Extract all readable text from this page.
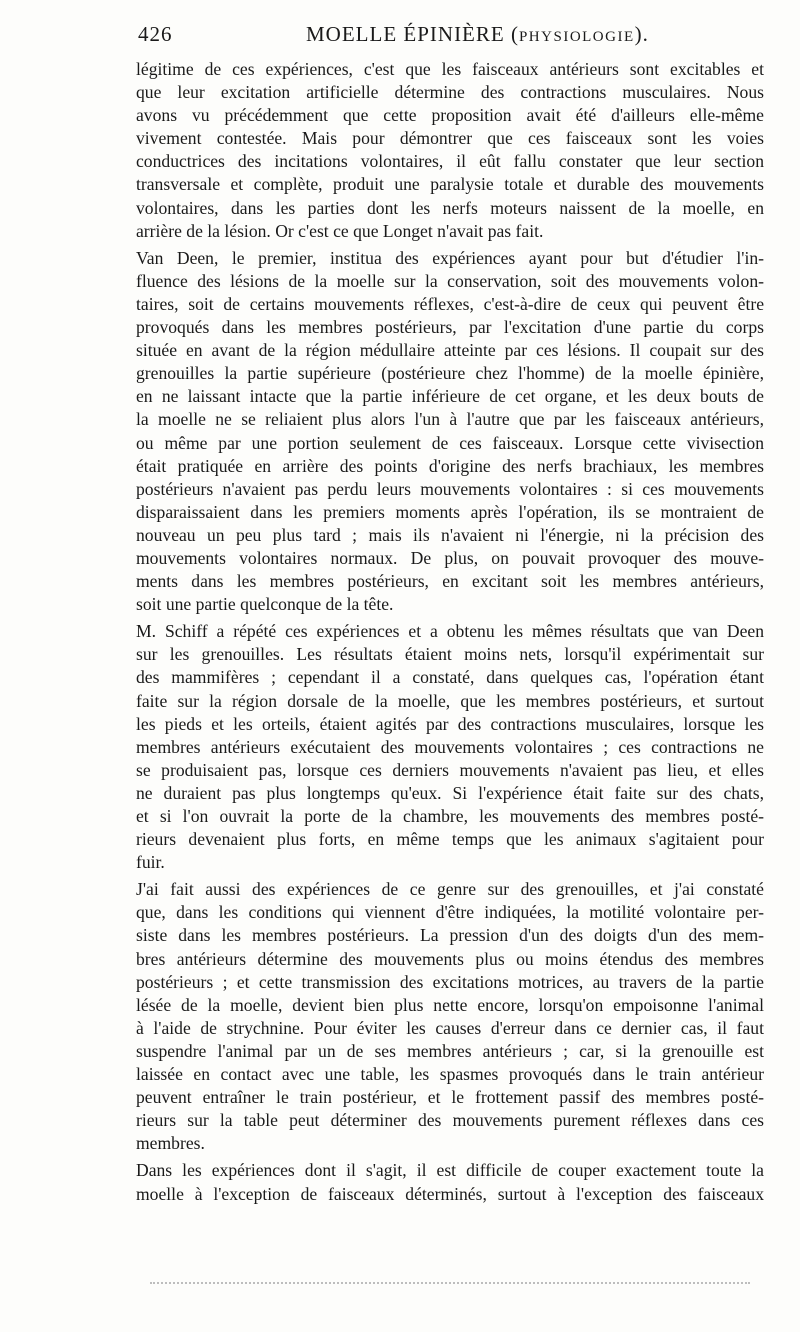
426	MOELLE ÉPINIÈRE (PHYSIOLOGIE).

légitime de ces expériences, c'est que les faisceaux antérieurs sont excitables et
que leur excitation artificielle détermine des contractions musculaires. Nous
avons vu précédemment que cette proposition avait été d'ailleurs elle-même
vivement contestée. Mais pour démontrer que ces faisceaux sont les voies
conductrices des incitations volontaires, il eût fallu constater que leur section
transversale et complète, produit une paralysie totale et durable des mouvements
volontaires, dans les parties dont les nerfs moteurs naissent de la moelle, en
arrière de la lésion. Or c'est ce que Longet n'avait pas fait.

Van Deen, le premier, institua des expériences ayant pour but d'étudier l'in-
fluence des lésions de la moelle sur la conservation, soit des mouvements volon-
taires, soit de certains mouvements réflexes, c'est-à-dire de ceux qui peuvent être
provoqués dans les membres postérieurs, par l'excitation d'une partie du corps
située en avant de la région médullaire atteinte par ces lésions. Il coupait sur des
grenouilles la partie supérieure (postérieure chez l'homme) de la moelle épinière,
en ne laissant intacte que la partie inférieure de cet organe, et les deux bouts de
la moelle ne se reliaient plus alors l'un à l'autre que par les faisceaux antérieurs,
ou même par une portion seulement de ces faisceaux. Lorsque cette vivisection
était pratiquée en arrière des points d'origine des nerfs brachiaux, les membres
postérieurs n'avaient pas perdu leurs mouvements volontaires : si ces mouvements
disparaissaient dans les premiers moments après l'opération, ils se montraient de
nouveau un peu plus tard ; mais ils n'avaient ni l'énergie, ni la précision des
mouvements volontaires normaux. De plus, on pouvait provoquer des mouve-
ments dans les membres postérieurs, en excitant soit les membres antérieurs,
soit une partie quelconque de la tête.

M. Schiff a répété ces expériences et a obtenu les mêmes résultats que van Deen
sur les grenouilles. Les résultats étaient moins nets, lorsqu'il expérimentait sur
des mammifères ; cependant il a constaté, dans quelques cas, l'opération étant
faite sur la région dorsale de la moelle, que les membres postérieurs, et surtout
les pieds et les orteils, étaient agités par des contractions musculaires, lorsque les
membres antérieurs exécutaient des mouvements volontaires ; ces contractions ne
se produisaient pas, lorsque ces derniers mouvements n'avaient pas lieu, et elles
ne duraient pas plus longtemps qu'eux. Si l'expérience était faite sur des chats,
et si l'on ouvrait la porte de la chambre, les mouvements des membres posté-
rieurs devenaient plus forts, en même temps que les animaux s'agitaient pour
fuir.

J'ai fait aussi des expériences de ce genre sur des grenouilles, et j'ai constaté
que, dans les conditions qui viennent d'être indiquées, la motilité volontaire per-
siste dans les membres postérieurs. La pression d'un des doigts d'un des mem-
bres antérieurs détermine des mouvements plus ou moins étendus des membres
postérieurs ; et cette transmission des excitations motrices, au travers de la partie
lésée de la moelle, devient bien plus nette encore, lorsqu'on empoisonne l'animal
à l'aide de strychnine. Pour éviter les causes d'erreur dans ce dernier cas, il faut
suspendre l'animal par un de ses membres antérieurs ; car, si la grenouille est
laissée en contact avec une table, les spasmes provoqués dans le train antérieur
peuvent entraîner le train postérieur, et le frottement passif des membres posté-
rieurs sur la table peut déterminer des mouvements purement réflexes dans ces
membres.

Dans les expériences dont il s'agit, il est difficile de couper exactement toute la
moelle à l'exception de faisceaux déterminés, surtout à l'exception des faisceaux
